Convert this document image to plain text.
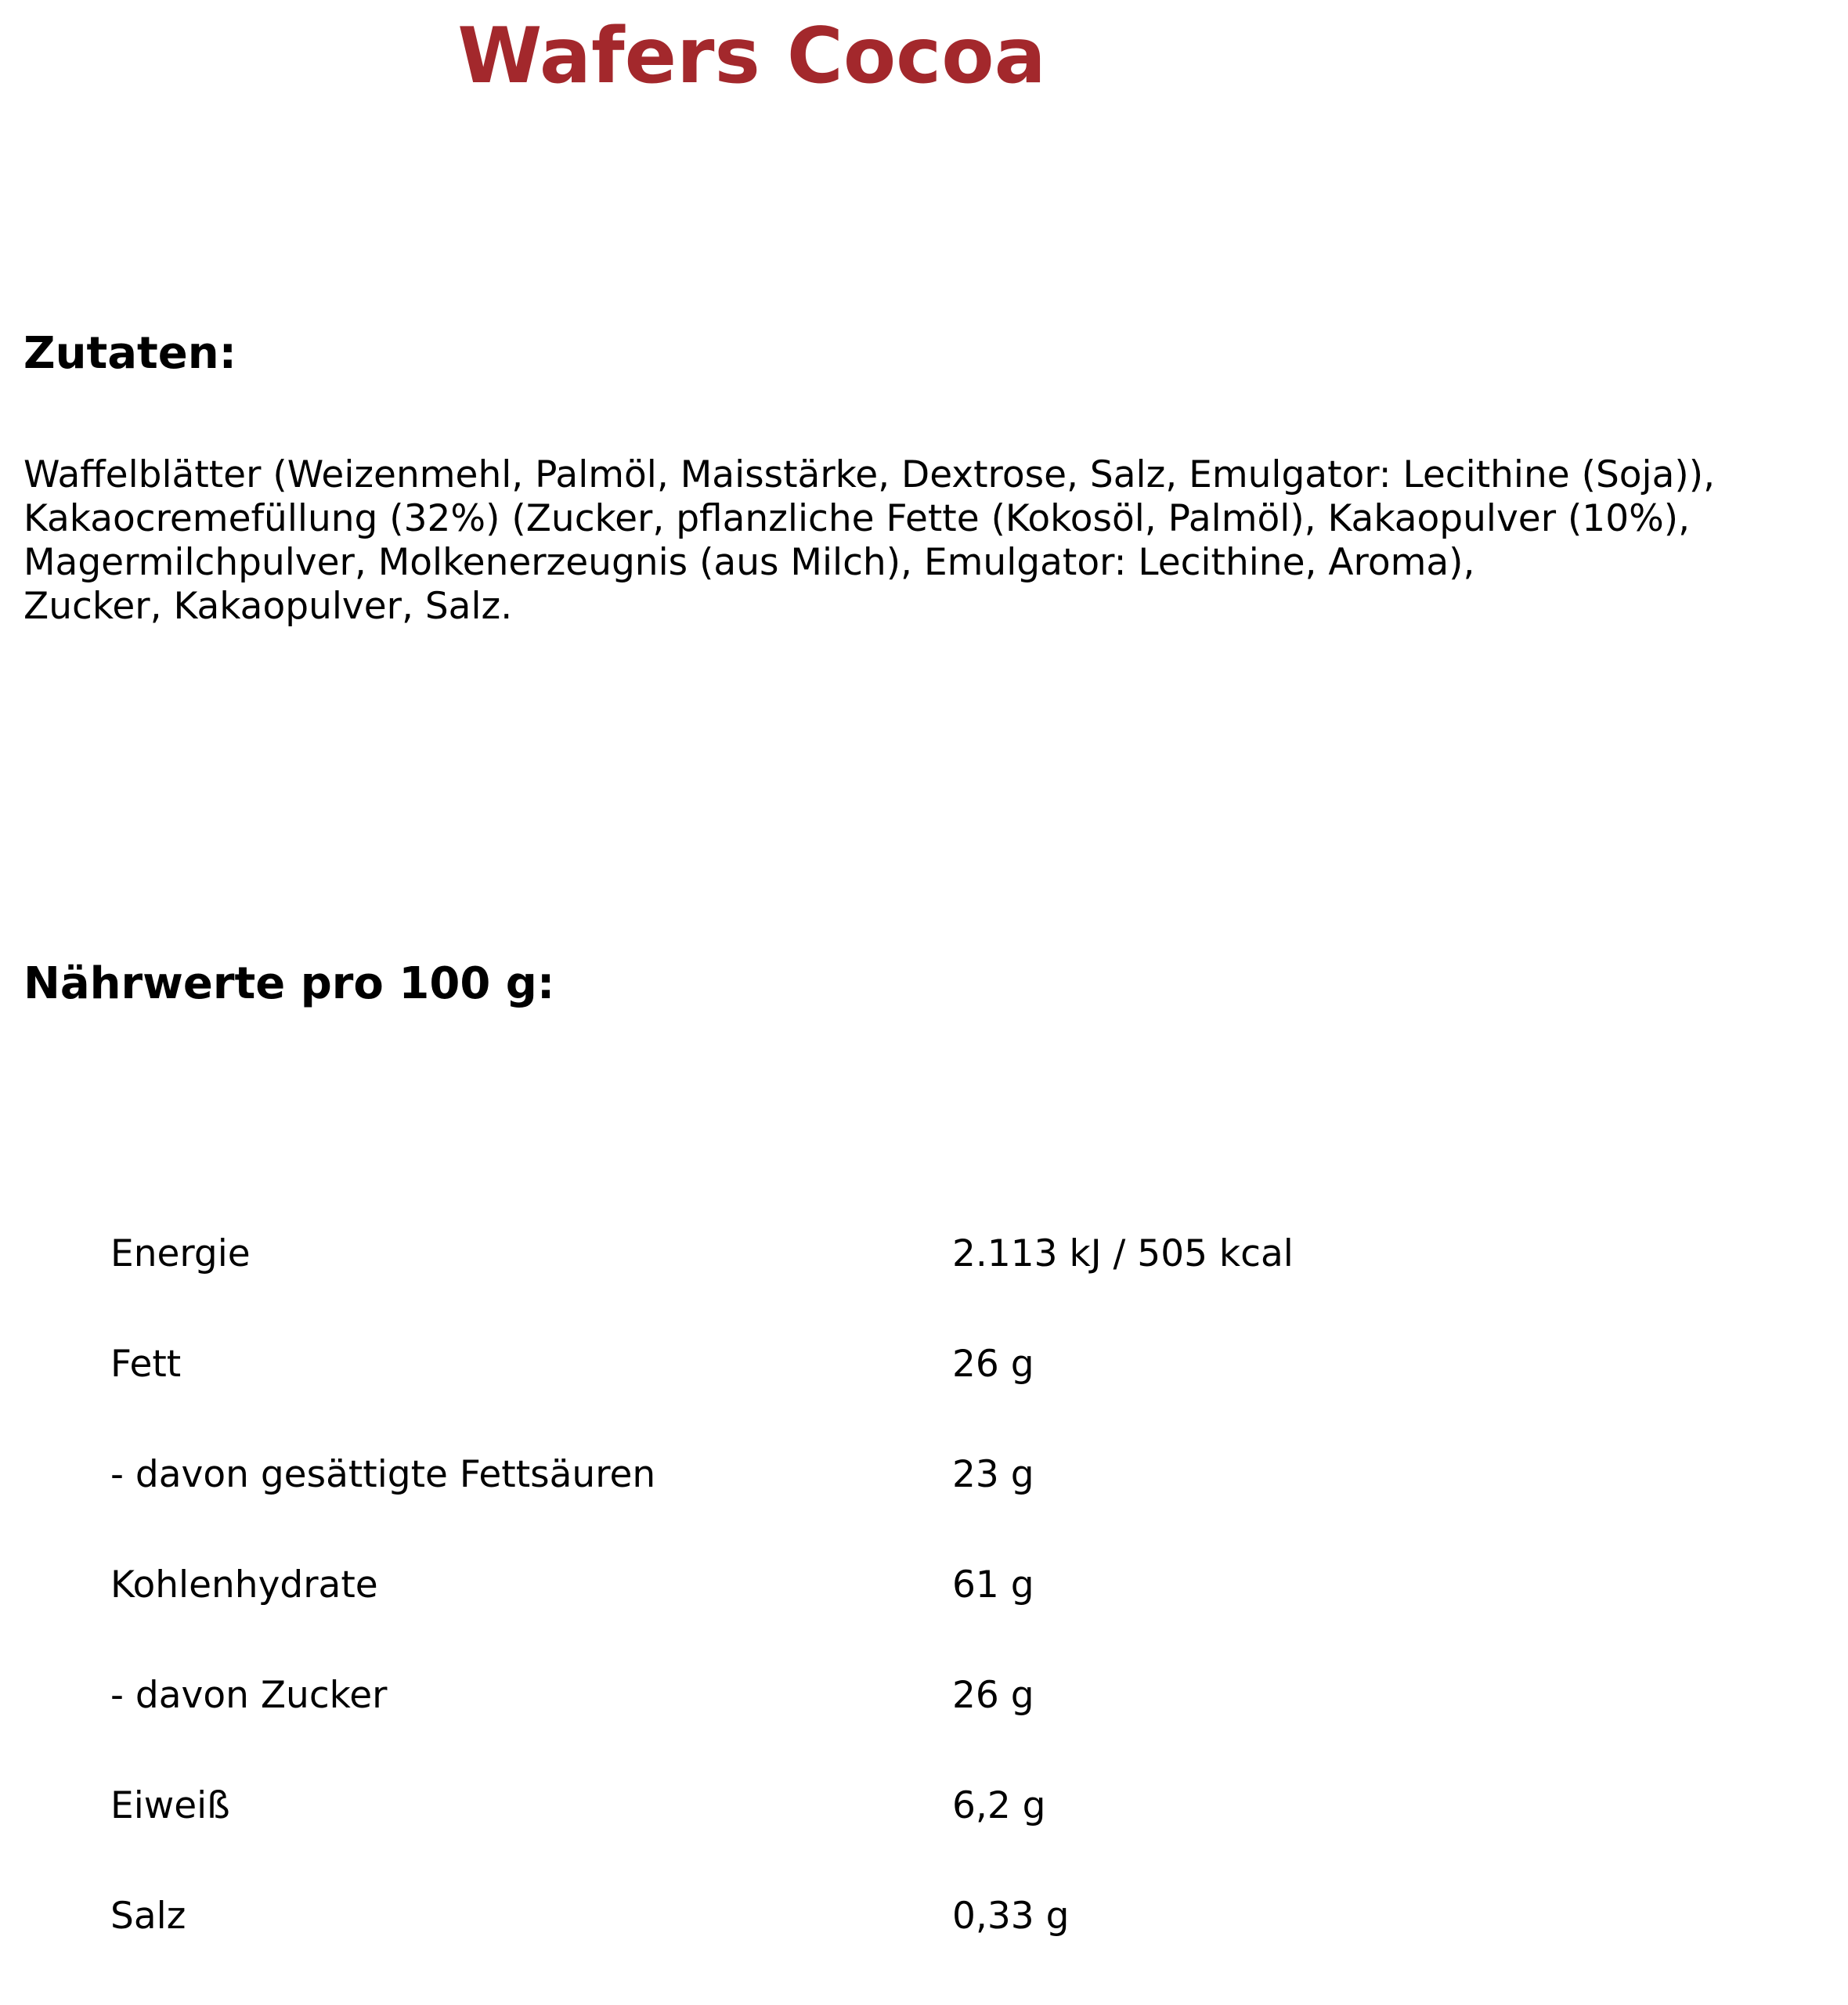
Wafers Cocoa
Zutaten:

Waffelblätter (Weizenmehl, Palmöl, Maisstärke, Dextrose, Salz, Emulgator: Lecithine (Soja)),
Kakaocremefüllung (32%) (Zucker, pflanzliche Fette (Kokosöl, Palmöl), Kakaopulver (10%),
Magermilchpulver, Molkenerzeugnis (aus Milch), Emulgator: Lecithine, Aroma),
Zucker, Kakaopulver, Salz.

Nährwerte pro 100 g:
Energie	2.113 kJ / 505 kcal
Fett	26 g
- davon gesättigte Fettsäuren	23 g
Kohlenhydrate	61 g
- davon Zucker	26 g
Eiweiß	6,2 g
Salz	0,33 g
